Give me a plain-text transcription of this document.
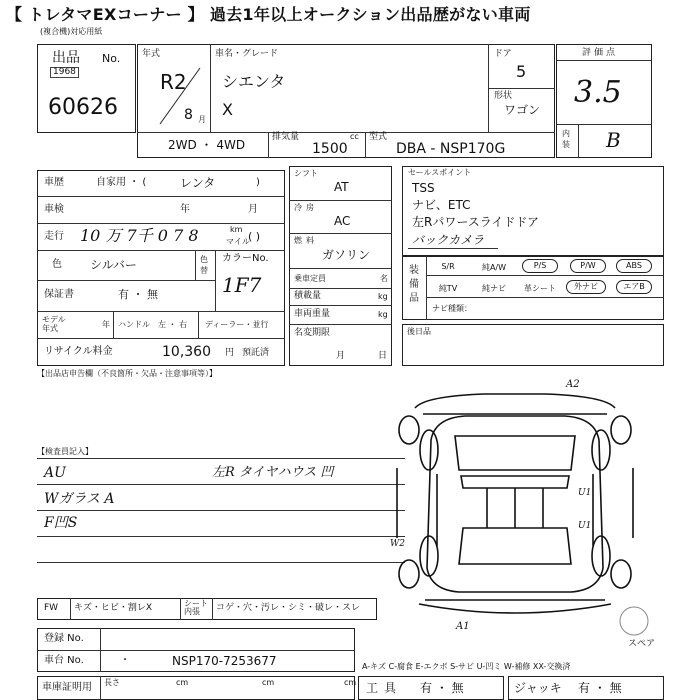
【 トレタマEXコーナー 】 過去1年以上オークション出品歴がない車両
(複合機)対応用紙
出品 No.
1968
60626
年式
R2
8 月
車名・グレード
シエンタ
X
ドア
5
形状
ワゴン
2WD ・ 4WD
排気量	cc
1500
型式
DBA - NSP170G
評価点
3.5
内装 B
車歴	自家用 ・ (	レンタ	)
車検	年	月
走行 10 万 7千 0 7 8	km
マイル
( )
色 シルバー	色替
カラーNo.
1F7
保証書	有 ・ 無
モデル年式	年 ハンドル 左 ・ 右 ディーラー・並行
リサイクル料金	10,360 円 預託済
シフト
AT
冷房
AC
燃料
ガソリン
乗車定員	名
積載量	kg
車両重量	kg
名変期限
月	日
セールスポイント
TSS
ナビ、ETC
左Rパワースライドドア
バックカメラ
装備品
S/R	純A/W	P/S	P/W	ABS
純TV	純ナビ	革シート	外ナビ	エアB
ナビ種類：
後日品
【出品店申告欄（不良箇所・欠品・注意事項等）】
【検査員記入】
AU
Wガラス A
F凹S
左R タイヤハウス 凹
A2
U1
U1
W2
A1
スペア
FW キズ・ヒビ・割レX	シート内張	コゲ・穴・汚レ・シミ・破レ・スレ
登録 No.
車台 No.	・	NSP170-7253677	A-キズ C-腐食 E-エクボ S-サビ U-凹ミ W-補修 XX-交換済
車庫証明用 長さ	cm	cm	cm 工具 有 ・ 無	ジャッキ 有 ・ 無
